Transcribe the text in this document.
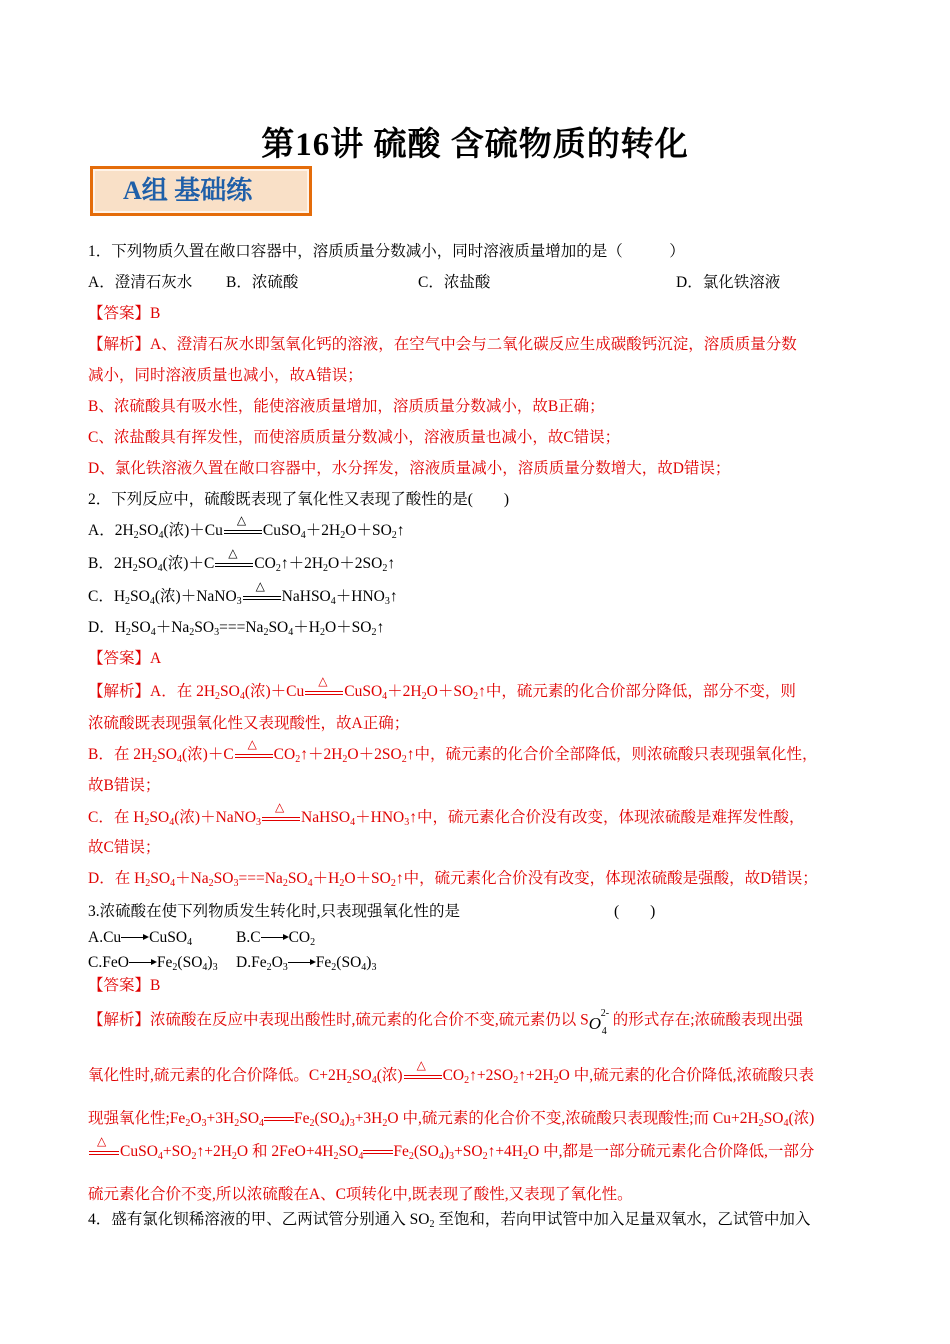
第16讲 硫酸 含硫物质的转化
A组 基础练
1．下列物质久置在敞口容器中，溶质质量分数减小，同时溶液质量增加的是（　　　）
A．澄清石灰水 B．浓硫酸	C．浓盐酸	D．氯化铁溶液
【答案】B
【解析】A、澄清石灰水即氢氧化钙的溶液，在空气中会与二氧化碳反应生成碳酸钙沉淀，溶质质量分数
减小，同时溶液质量也减小，故A错误；
B、浓硫酸具有吸水性，能使溶液质量增加，溶质质量分数减小，故B正确；
C、浓盐酸具有挥发性，而使溶质质量分数减小，溶液质量也减小，故C错误；
D、氯化铁溶液久置在敞口容器中，水分挥发，溶液质量减小，溶质质量分数增大，故D错误；
2．下列反应中，硫酸既表现了氧化性又表现了酸性的是(　　)
A．$2H_2SO_4$(浓)＋Cu
△
$CuSO_4+2H_2O+SO_2↑$
B．$2H_2SO_4$(浓)＋C
△
$CO_2↑+2H_2O+2SO_2↑$
C．$H_2SO_4$(浓)＋NaNO$_3$
△
$NaHSO_4+HNO_3↑$
D．$H_2SO_4+Na_2SO_3===Na_2SO_4+H_2O+SO_2↑$
【答案】A
【解析】A．在 $2H_2SO_4$(浓)＋Cu
△
$CuSO_4+2H_2O+SO_2↑$中，硫元素的化合价部分降低，部分不变，则
浓硫酸既表现强氧化性又表现酸性，故A正确；
B．在 $2H_2SO_4$(浓)＋C
△
$CO_2↑+2H_2O+2SO_2↑$中，硫元素的化合价全部降低，则浓硫酸只表现强氧化性，
故B错误；
C．在 $H_2SO_4$(浓)＋NaNO$_3$
△
$NaHSO_4+HNO_3↑$中，硫元素化合价没有改变，体现浓硫酸是难挥发性酸，
故C错误；
D．在 $H_2SO_4+Na_2SO_3===Na_2SO_4+H_2O+SO_2↑$中，硫元素化合价没有改变，体现浓硫酸是强酸，故D错误；
3.浓硫酸在使下列物质发生转化时,只表现强氧化性的是	(　　)
A.Cu CuSO$_4$	B.C $CO_2$
C.FeO $Fe_2(SO_4)_3$ $D.Fe_2O_3$ $Fe_2(SO_4)_3$
【答案】B
【解析】浓硫酸在反应中表现出酸性时,硫元素的化合价不变,硫元素仍以 S O
2-
4
的形式存在;浓硫酸表现出强
氧化性时,硫元素的化合价降低。$C+2H_2SO_4$(浓)
△
$CO_2↑+2SO_2↑+2H_2O$ 中,硫元素的化合价降低,浓硫酸只表
现强氧化性$;Fe_2O_3+3H_2SO_4$ $Fe_2(SO_4)_3+3H_2O$ 中,硫元素的化合价不变,浓硫酸只表现酸性;而 $Cu+2H_2SO_4$(浓)
△
$CuSO_4+SO_2↑+2H_2O$ 和 $2FeO+4H_2SO_4$ $Fe_2(SO_4)_3+SO_2↑+4H_2O$ 中,都是一部分硫元素化合价降低,一部分
硫元素化合价不变,所以浓硫酸在A、C项转化中,既表现了酸性,又表现了氧化性。
4．盛有氯化钡稀溶液的甲、乙两试管分别通入 $SO_2$ 至饱和，若向甲试管中加入足量双氧水，乙试管中加入
